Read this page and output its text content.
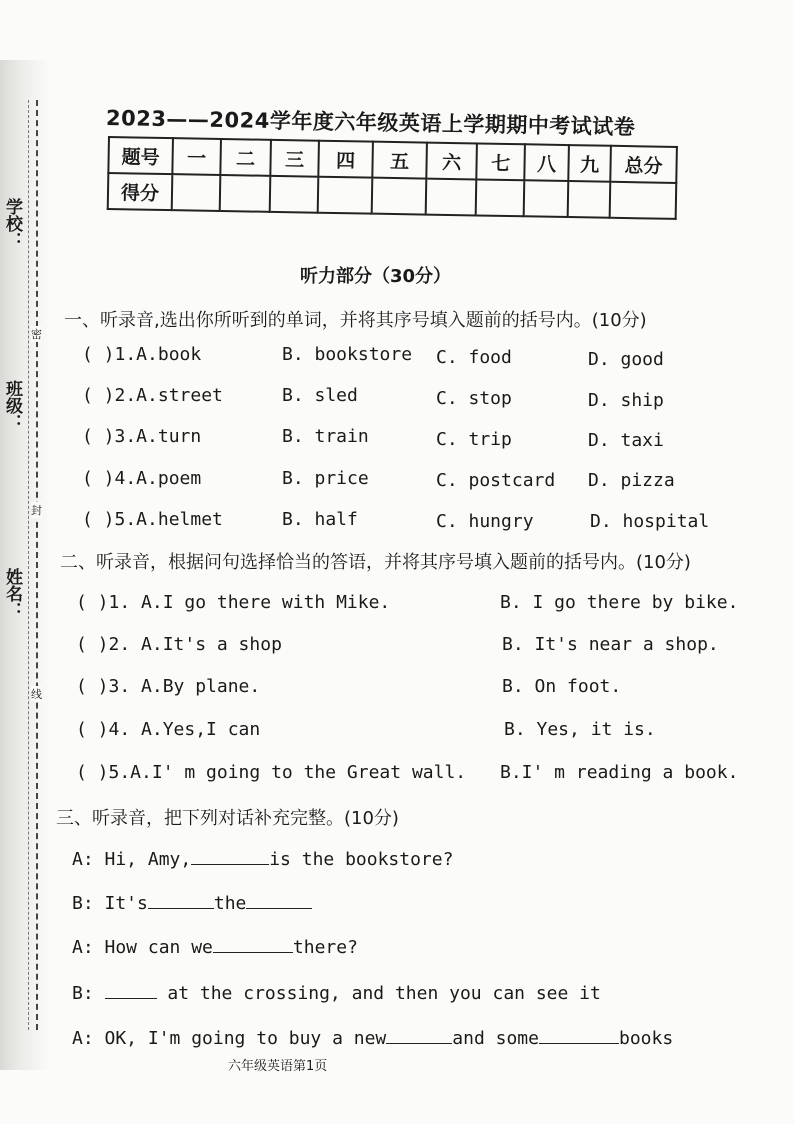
学校：
班级：
姓名：
密
封
线
2023——2024学年度六年级英语上学期期中考试试卷
题号	一	二	三	四	五	六	七	八	九	总分
得分										
听力部分（30分）
一、听录音,选出你所听到的单词，并将其序号填入题前的括号内。(10分)
( )1.A.book	B. bookstore C. food	D. good
( )2.A.street	B. sled	C. stop	D. ship
( )3.A.turn	B. train	C. trip	D. taxi
( )4.A.poem	B. price	C. postcard D. pizza
( )5.A.helmet	B. half	C. hungry	D. hospital
二、听录音，根据问句选择恰当的答语，并将其序号填入题前的括号内。(10分)
( )1. A.I go there with Mike.	B. I go there by bike.
( )2. A.It's a shop	B. It's near a shop.
( )3. A.By plane.	B. On foot.
( )4. A.Yes,I can	B. Yes, it is.
( )5.A.I' m going to the Great wall. B.I' m reading a book.
三、听录音，把下列对话补充完整。(10分)
A: Hi, Amy,	is the bookstore?
B: It's	the
A: How can we	there?
B:	at the crossing, and then you can see it
A: OK, I'm going to buy a new	and some	books
六年级英语第1页
